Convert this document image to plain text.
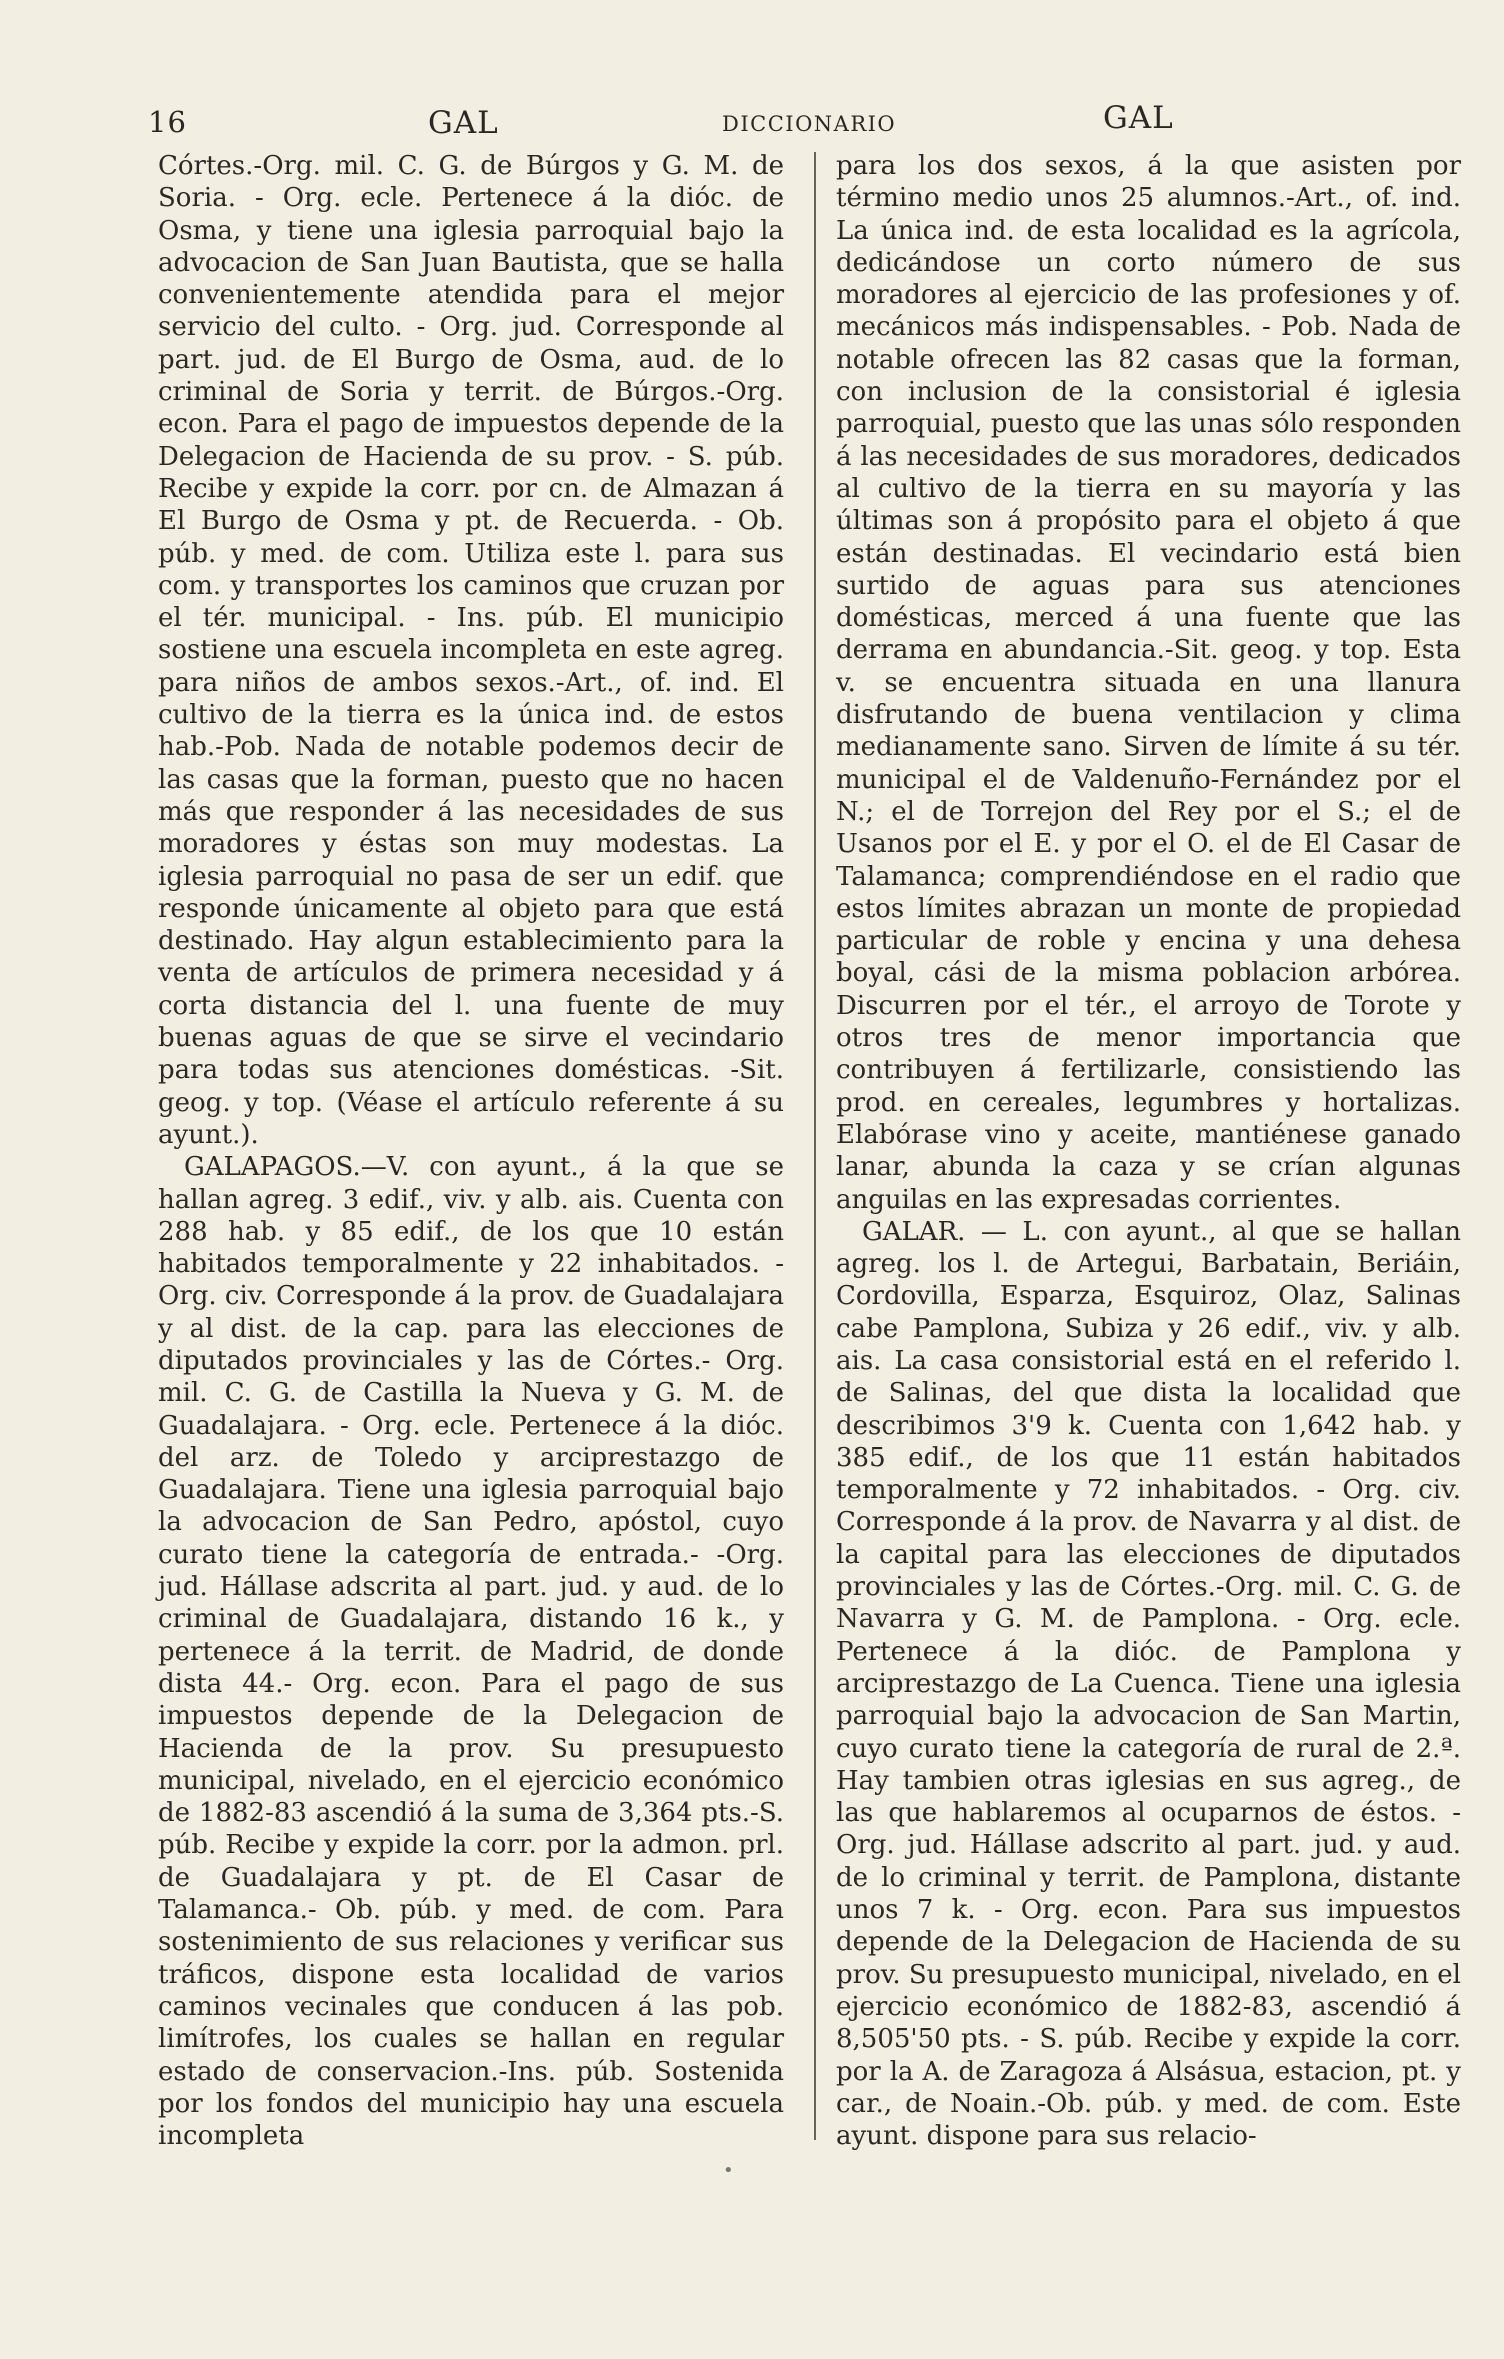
16	GAL	DICCIONARIO	GAL

Córtes.-Org. mil. C. G. de Búrgos y G. M. de Soria. - Org. ecle. Pertenece á la dióc. de Osma, y tiene una iglesia parroquial bajo la advocacion de San Juan Bautista, que se halla convenientemente atendida para el mejor servicio del culto. - Org. jud. Corresponde al part. jud. de El Burgo de Osma, aud. de lo criminal de Soria y territ. de Búrgos.-Org. econ. Para el pago de impuestos depende de la Delegacion de Hacienda de su prov. - S. púb. Recibe y expide la corr. por cn. de Almazan á El Burgo de Osma y pt. de Recuerda. - Ob. púb. y med. de com. Utiliza este l. para sus com. y transportes los caminos que cruzan por el tér. municipal. - Ins. púb. El municipio sostiene una escuela incompleta en este agreg. para niños de ambos sexos.-Art., of. ind. El cultivo de la tierra es la única ind. de estos hab.-Pob. Nada de notable podemos decir de las casas que la forman, puesto que no hacen más que responder á las necesidades de sus moradores y éstas son muy modestas. La iglesia parroquial no pasa de ser un edif. que responde únicamente al objeto para que está destinado. Hay algun establecimiento para la venta de artículos de primera necesidad y á corta distancia del l. una fuente de muy buenas aguas de que se sirve el vecindario para todas sus atenciones domésticas. -Sit. geog. y top. (Véase el artículo referente á su ayunt.).

GALAPAGOS.—V. con ayunt., á la que se hallan agreg. 3 edif., viv. y alb. ais. Cuenta con 288 hab. y 85 edif., de los que 10 están habitados temporalmente y 22 inhabitados. - Org. civ. Corresponde á la prov. de Guadalajara y al dist. de la cap. para las elecciones de diputados provinciales y las de Córtes.- Org. mil. C. G. de Castilla la Nueva y G. M. de Guadalajara. - Org. ecle. Pertenece á la dióc. del arz. de Toledo y arciprestazgo de Guadalajara. Tiene una iglesia parroquial bajo la advocacion de San Pedro, apóstol, cuyo curato tiene la categoría de entrada.- -Org. jud. Hállase adscrita al part. jud. y aud. de lo criminal de Guadalajara, distando 16 k., y pertenece á la territ. de Madrid, de donde dista 44.- Org. econ. Para el pago de sus impuestos depende de la Delegacion de Hacienda de la prov. Su presupuesto municipal, nivelado, en el ejercicio económico de 1882-83 ascendió á la suma de 3,364 pts.-S. púb. Recibe y expide la corr. por la admon. prl. de Guadalajara y pt. de El Casar de Talamanca.- Ob. púb. y med. de com. Para sostenimiento de sus relaciones y verificar sus tráficos, dispone esta localidad de varios caminos vecinales que conducen á las pob. limítrofes, los cuales se hallan en regular estado de conservacion.-Ins. púb. Sostenida por los fondos del municipio hay una escuela incompleta

para los dos sexos, á la que asisten por término medio unos 25 alumnos.-Art., of. ind. La única ind. de esta localidad es la agrícola, dedicándose un corto número de sus moradores al ejercicio de las profesiones y of. mecánicos más indispensables. - Pob. Nada de notable ofrecen las 82 casas que la forman, con inclusion de la consistorial é iglesia parroquial, puesto que las unas sólo responden á las necesidades de sus moradores, dedicados al cultivo de la tierra en su mayoría y las últimas son á propósito para el objeto á que están destinadas. El vecindario está bien surtido de aguas para sus atenciones domésticas, merced á una fuente que las derrama en abundancia.-Sit. geog. y top. Esta v. se encuentra situada en una llanura disfrutando de buena ventilacion y clima medianamente sano. Sirven de límite á su tér. municipal el de Valdenuño-Fernández por el N.; el de Torrejon del Rey por el S.; el de Usanos por el E. y por el O. el de El Casar de Talamanca; comprendiéndose en el radio que estos límites abrazan un monte de propiedad particular de roble y encina y una dehesa boyal, cási de la misma poblacion arbórea. Discurren por el tér., el arroyo de Torote y otros tres de menor importancia que contribuyen á fertilizarle, consistiendo las prod. en cereales, legumbres y hortalizas. Elabórase vino y aceite, mantiénese ganado lanar, abunda la caza y se crían algunas anguilas en las expresadas corrientes.

GALAR. — L. con ayunt., al que se hallan agreg. los l. de Artegui, Barbatain, Beriáin, Cordovilla, Esparza, Esquiroz, Olaz, Salinas cabe Pamplona, Subiza y 26 edif., viv. y alb. ais. La casa consistorial está en el referido l. de Salinas, del que dista la localidad que describimos 3'9 k. Cuenta con 1,642 hab. y 385 edif., de los que 11 están habitados temporalmente y 72 inhabitados. - Org. civ. Corresponde á la prov. de Navarra y al dist. de la capital para las elecciones de diputados provinciales y las de Córtes.-Org. mil. C. G. de Navarra y G. M. de Pamplona. - Org. ecle. Pertenece á la dióc. de Pamplona y arciprestazgo de La Cuenca. Tiene una iglesia parroquial bajo la advocacion de San Martin, cuyo curato tiene la categoría de rural de 2.ª. Hay tambien otras iglesias en sus agreg., de las que hablaremos al ocuparnos de éstos. - Org. jud. Hállase adscrito al part. jud. y aud. de lo criminal y territ. de Pamplona, distante unos 7 k. - Org. econ. Para sus impuestos depende de la Delegacion de Hacienda de su prov. Su presupuesto municipal, nivelado, en el ejercicio económico de 1882-83, ascendió á 8,505'50 pts. - S. púb. Recibe y expide la corr. por la A. de Zaragoza á Alsásua, estacion, pt. y car., de Noain.-Ob. púb. y med. de com. Este ayunt. dispone para sus relacio-

•
